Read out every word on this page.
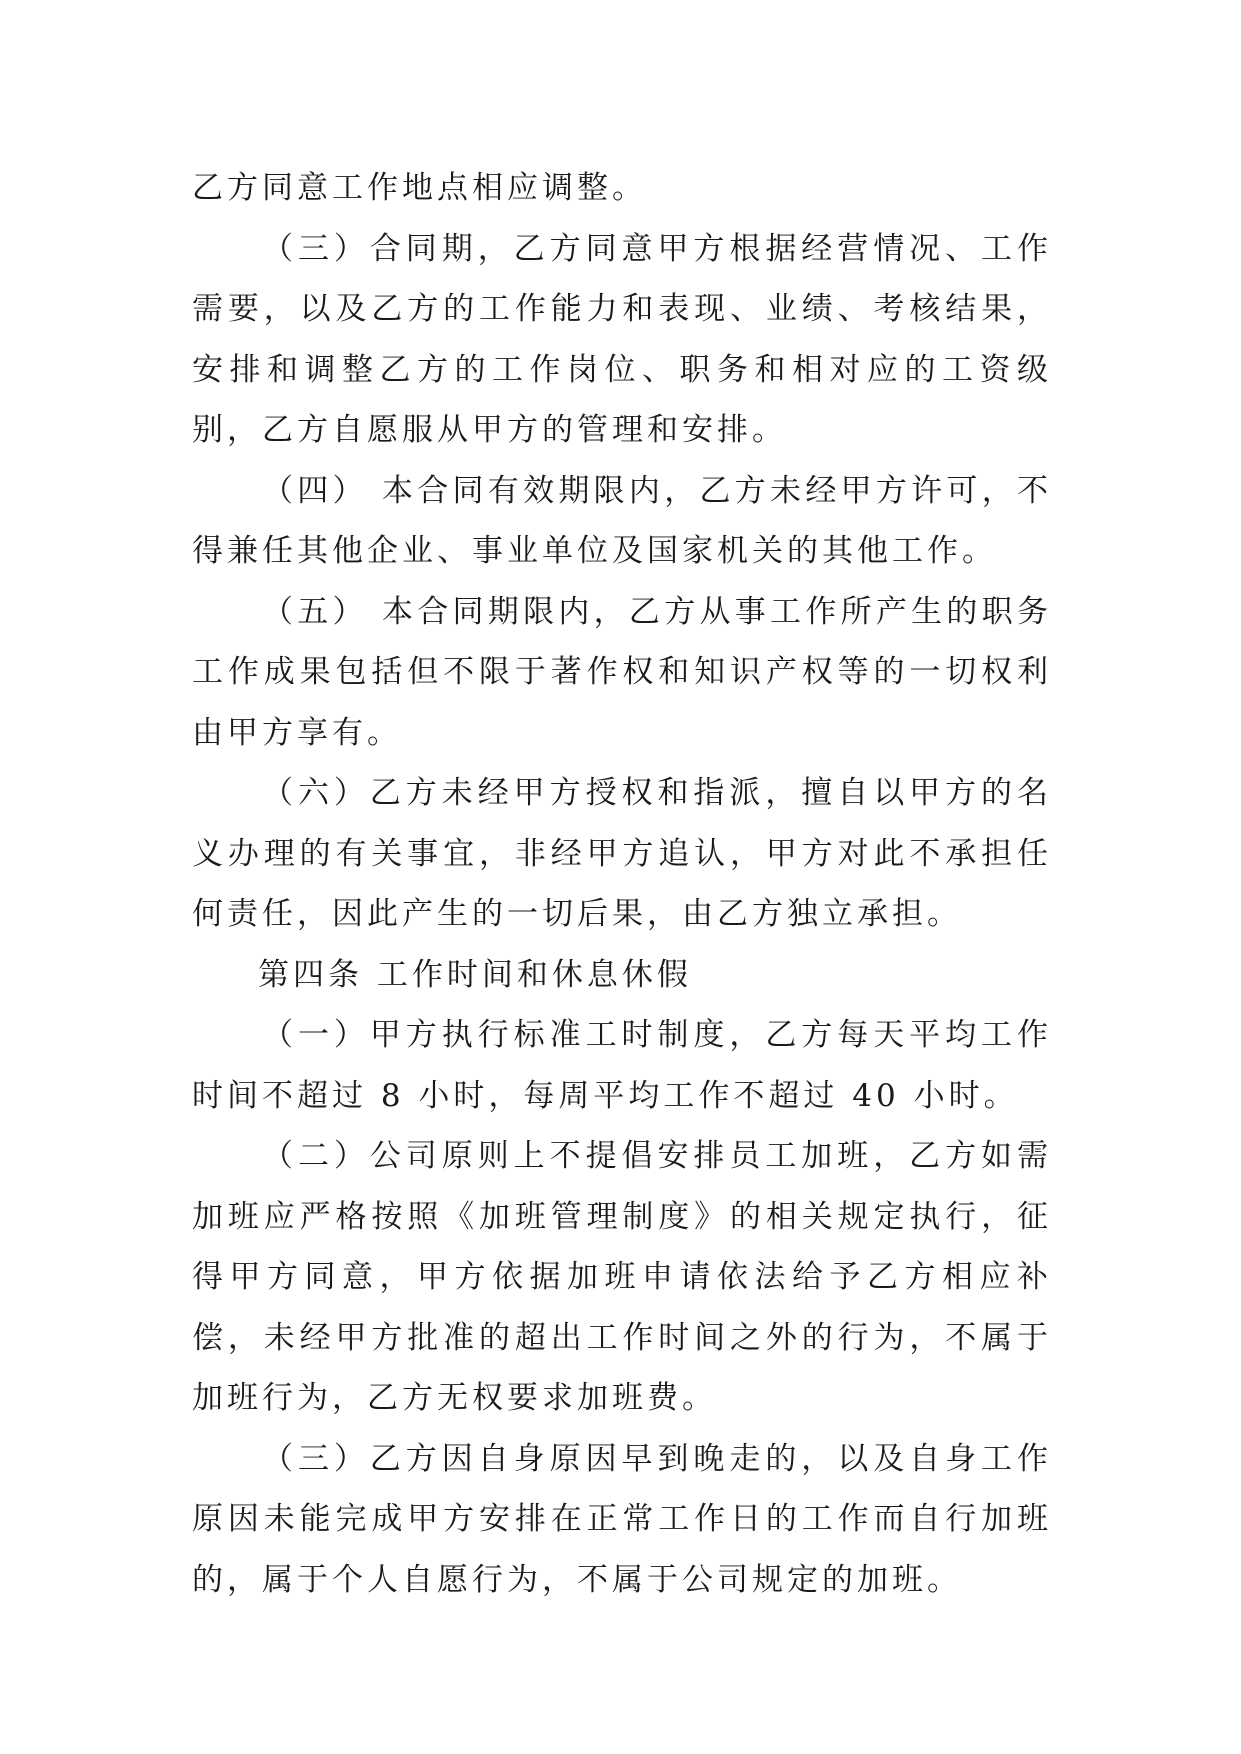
乙方同意工作地点相应调整。

（三）合同期，乙方同意甲方根据经营情况、工作需要，以及乙方的工作能力和表现、业绩、考核结果，安排和调整乙方的工作岗位、职务和相对应的工资级别，乙方自愿服从甲方的管理和安排。

（四） 本合同有效期限内，乙方未经甲方许可，不得兼任其他企业、事业单位及国家机关的其他工作。

（五） 本合同期限内，乙方从事工作所产生的职务工作成果包括但不限于著作权和知识产权等的一切权利由甲方享有。

（六）乙方未经甲方授权和指派，擅自以甲方的名义办理的有关事宜，非经甲方追认，甲方对此不承担任何责任，因此产生的一切后果，由乙方独立承担。

第四条 工作时间和休息休假

（一）甲方执行标准工时制度，乙方每天平均工作时间不超过 8 小时，每周平均工作不超过 40 小时。

（二）公司原则上不提倡安排员工加班，乙方如需加班应严格按照《加班管理制度》的相关规定执行，征得甲方同意，甲方依据加班申请依法给予乙方相应补偿，未经甲方批准的超出工作时间之外的行为，不属于加班行为，乙方无权要求加班费。

（三）乙方因自身原因早到晚走的，以及自身工作原因未能完成甲方安排在正常工作日的工作而自行加班的，属于个人自愿行为，不属于公司规定的加班。
